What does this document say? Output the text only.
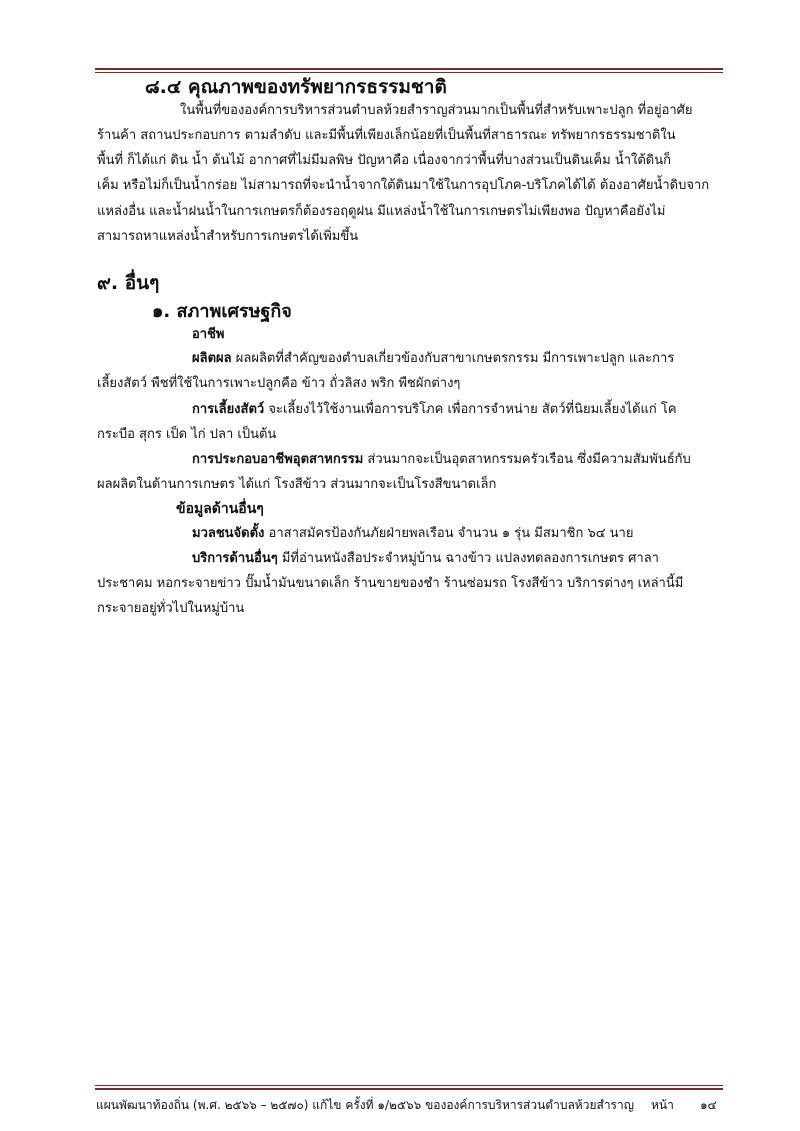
๘.๔ คุณภาพของทรัพยากรธรรมชาติ
ในพื้นที่ขององค์การบริหารส่วนตำบลห้วยสำราญส่วนมากเป็นพื้นที่สำหรับเพาะปลูก ที่อยู่อาศัย
ร้านค้า สถานประกอบการ ตามลำดับ และมีพื้นที่เพียงเล็กน้อยที่เป็นพื้นที่สาธารณะ ทรัพยากรธรรมชาติใน
พื้นที่ ก็ได้แก่ ดิน น้ำ ต้นไม้ อากาศที่ไม่มีมลพิษ ปัญหาคือ เนื่องจากว่าพื้นที่บางส่วนเป็นดินเค็ม น้ำใต้ดินก็
เค็ม หรือไม่ก็เป็นน้ำกร่อย ไม่สามารถที่จะนำน้ำจากใต้ดินมาใช้ในการอุปโภค-บริโภคได้ได้ ต้องอาศัยน้ำดิบจาก
แหล่งอื่น และน้ำฝนน้ำในการเกษตรก็ต้องรอฤดูฝน มีแหล่งน้ำใช้ในการเกษตรไม่เพียงพอ ปัญหาคือยังไม่
สามารถหาแหล่งน้ำสำหรับการเกษตรได้เพิ่มขึ้น
๙. อื่นๆ
๑. สภาพเศรษฐกิจ
อาชีพ
ผลิตผล ผลผลิตที่สำคัญของตำบลเกี่ยวข้องกับสาขาเกษตรกรรม มีการเพาะปลูก และการ
เลี้ยงสัตว์ พืชที่ใช้ในการเพาะปลูกคือ ข้าว ถั่วลิสง พริก พืชผักต่างๆ
การเลี้ยงสัตว์ จะเลี้ยงไว้ใช้งานเพื่อการบริโภค เพื่อการจำหน่าย สัตว์ที่นิยมเลี้ยงได้แก่ โค
กระบือ สุกร เป็ด ไก่ ปลา เป็นต้น
การประกอบอาชีพอุตสาหกรรม ส่วนมากจะเป็นอุตสาหกรรมครัวเรือน ซึ่งมีความสัมพันธ์กับ
ผลผลิตในด้านการเกษตร ได้แก่ โรงสีข้าว ส่วนมากจะเป็นโรงสีขนาดเล็ก
ข้อมูลด้านอื่นๆ
มวลชนจัดตั้ง อาสาสมัครป้องกันภัยฝ่ายพลเรือน จำนวน ๑ รุ่น มีสมาชิก ๖๔ นาย
บริการด้านอื่นๆ มีที่อ่านหนังสือประจำหมู่บ้าน ฉางข้าว แปลงทดลองการเกษตร ศาลา
ประชาคม หอกระจายข่าว ปั๊มน้ำมันขนาดเล็ก ร้านขายของชำ ร้านซ่อมรถ โรงสีข้าว บริการต่างๆ เหล่านี้มี
กระจายอยู่ทั่วไปในหมู่บ้าน
แผนพัฒนาท้องถิ่น (พ.ศ. ๒๕๖๖ – ๒๕๗๐) แก้ไข ครั้งที่ ๑/๒๕๖๖ ขององค์การบริหารส่วนตำบลห้วยสำราญ หน้า ๑๔
